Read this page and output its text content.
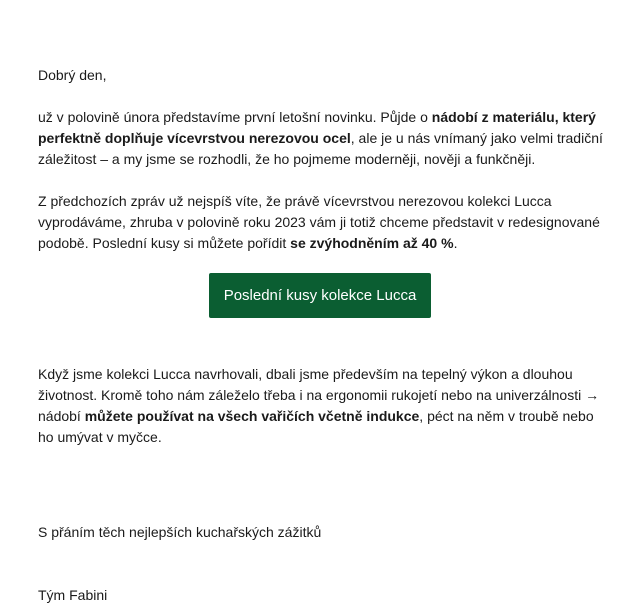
Dobrý den,

už v polovině února představíme první letošní novinku. Půjde o nádobí z materiálu, který perfektně doplňuje vícevrstvou nerezovou ocel, ale je u nás vnímaný jako velmi tradiční záležitost – a my jsme se rozhodli, že ho pojmeme moderněji, nověji a funkčněji.

Z předchozích zpráv už nejspíš víte, že právě vícevrstvou nerezovou kolekci Lucca vyprodáváme, zhruba v polovině roku 2023 vám ji totiž chceme představit v redesignované podobě. Poslední kusy si můžete pořídit se zvýhodněním až 40 %.

Poslední kusy kolekce Lucca

Když jsme kolekci Lucca navrhovali, dbali jsme především na tepelný výkon a dlouhou životnost. Kromě toho nám záleželo třeba i na ergonomii rukojetí nebo na univerzálnosti → nádobí můžete používat na všech vařičích včetně indukce, péct na něm v troubě nebo ho umývat v myčce.

S přáním těch nejlepších kuchařských zážitků

Tým Fabini
